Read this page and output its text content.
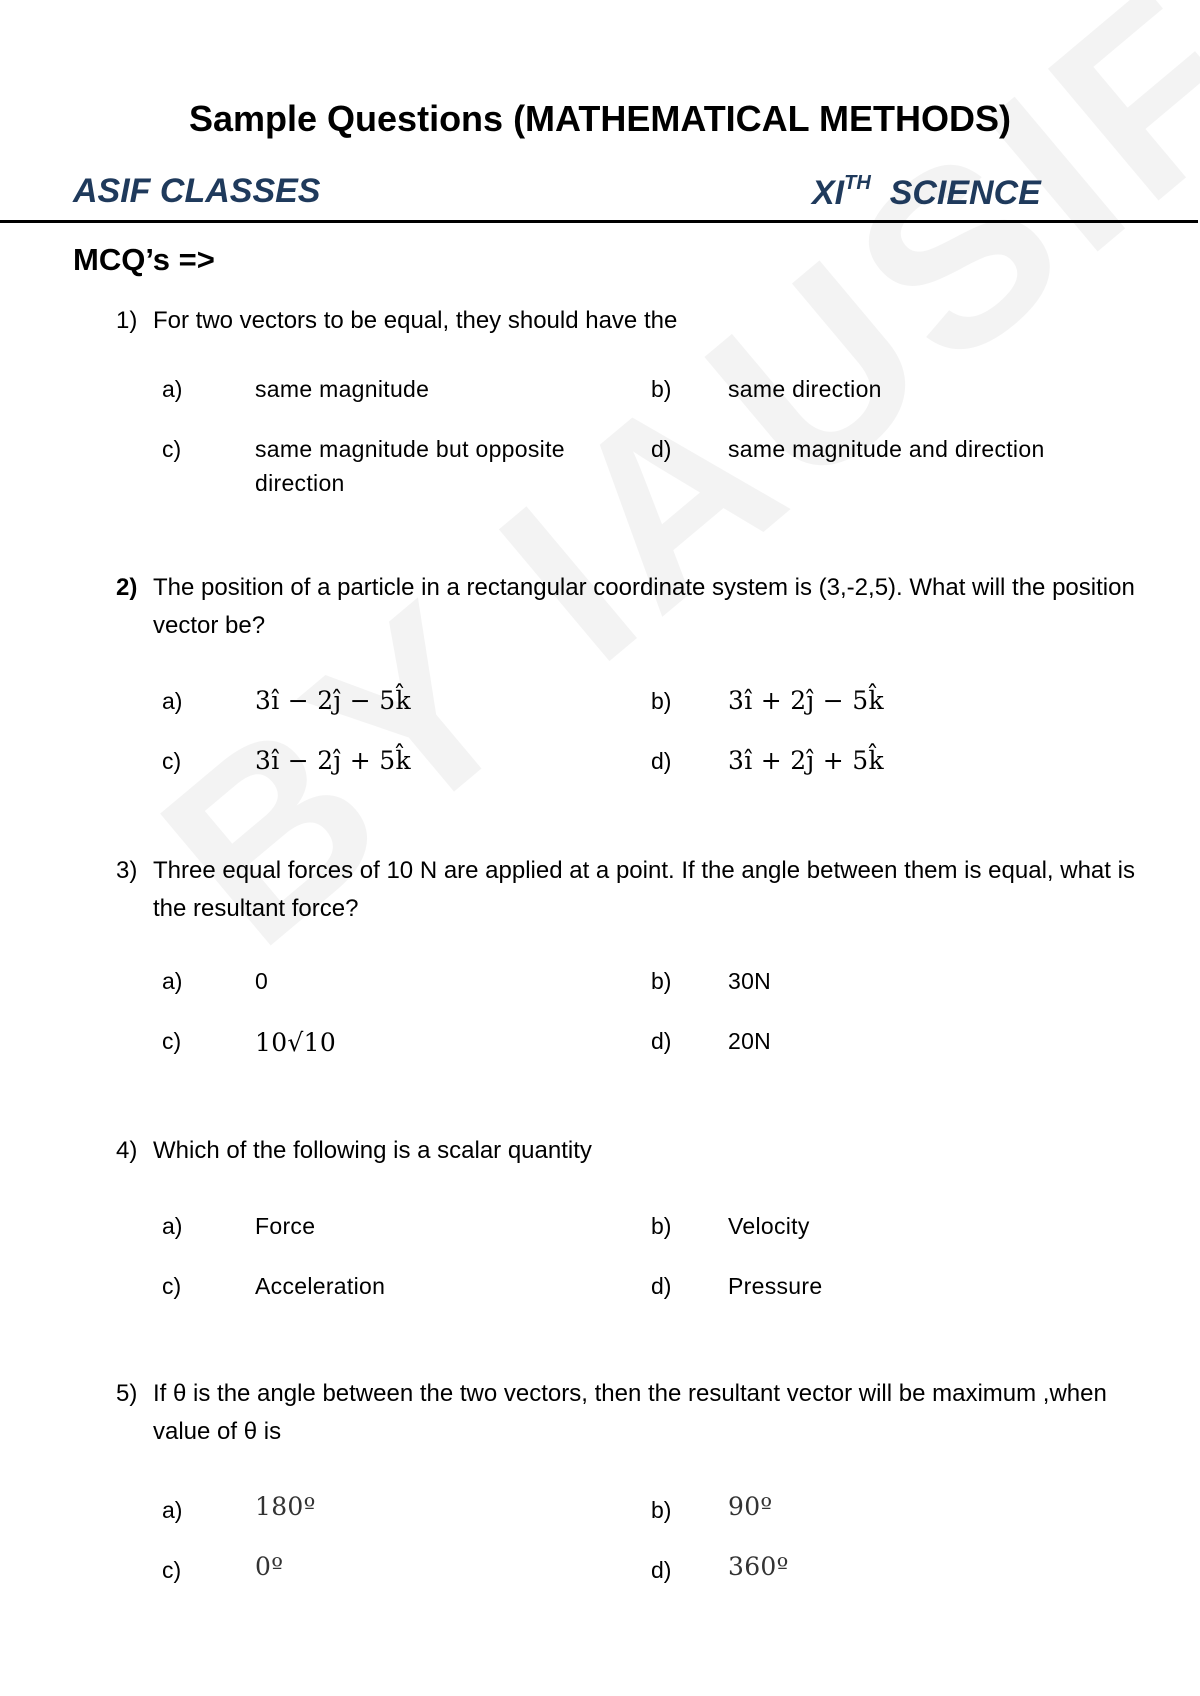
Sample Questions (MATHEMATICAL METHODS)
ASIF CLASSES	XITH SCIENCE
MCQ’s =>
1) For two vectors to be equal, they should have the
a)	same magnitude	b) same direction
c)	same magnitude but opposite direction
d) same magnitude and direction
2) The position of a particle in a rectangular coordinate system is (3,-2,5). What will the position vector be?
a)	3î − 2ĵ − 5k̂	b) 3î + 2ĵ − 5k̂
c)	3î − 2ĵ + 5k̂	d) 3î + 2ĵ + 5k̂
3) Three equal forces of 10 N are applied at a point. If the angle between them is equal, what is the resultant force?
a)	0	b) 30N
c)	10√10	d) 20N
4) Which of the following is a scalar quantity
a)	Force	b) Velocity
c)	Acceleration	d) Pressure
5) If θ is the angle between the two vectors, then the resultant vector will be maximum ,when value of θ is
a)	180º	b) 90º
c)	0º	d) 360º
